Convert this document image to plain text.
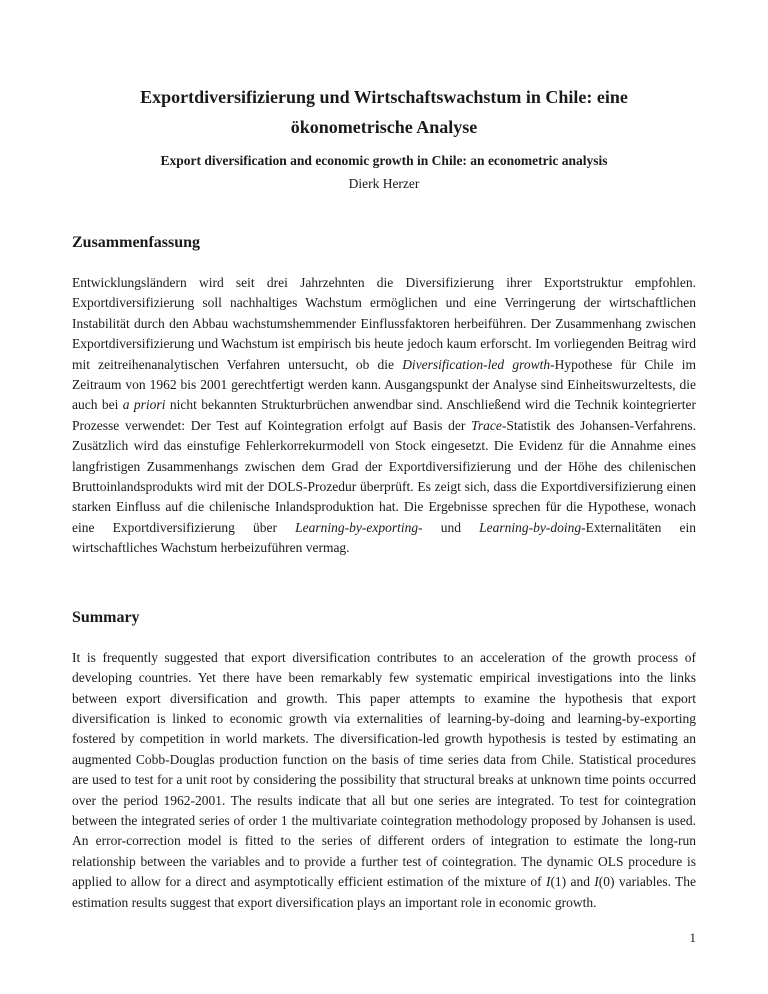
Exportdiversifizierung und Wirtschaftswachstum in Chile: eine
ökonometrische Analyse
Export diversification and economic growth in Chile: an econometric analysis
Dierk Herzer
Zusammenfassung

Entwicklungsländern wird seit drei Jahrzehnten die Diversifizierung ihrer Exportstruktur empfohlen. Exportdiversifizierung soll nachhaltiges Wachstum ermöglichen und eine Verringerung der wirtschaftlichen Instabilität durch den Abbau wachstumshemmender Einflussfaktoren herbeiführen. Der Zusammenhang zwischen Exportdiversifizierung und Wachstum ist empirisch bis heute jedoch kaum erforscht. Im vorliegenden Beitrag wird mit zeitreihenanalytischen Verfahren untersucht, ob die Diversification-led growth-Hypothese für Chile im Zeitraum von 1962 bis 2001 gerechtfertigt werden kann. Ausgangspunkt der Analyse sind Einheitswurzeltests, die auch bei a priori nicht bekannten Strukturbrüchen anwendbar sind. Anschließend wird die Technik kointegrierter Prozesse verwendet: Der Test auf Kointegration erfolgt auf Basis der Trace-Statistik des Johansen-Verfahrens. Zusätzlich wird das einstufige Fehlerkorrekurmodell von Stock eingesetzt. Die Evidenz für die Annahme eines langfristigen Zusammenhangs zwischen dem Grad der Exportdiversifizierung und der Höhe des chilenischen Bruttoinlandsprodukts wird mit der DOLS-Prozedur überprüft. Es zeigt sich, dass die Exportdiversifizierung einen starken Einfluss auf die chilenische Inlandsproduktion hat. Die Ergebnisse sprechen für die Hypothese, wonach eine Exportdiversifizierung über Learning-by-exporting- und Learning-by-doing-Externalitäten ein wirtschaftliches Wachstum herbeizuführen vermag.

Summary

It is frequently suggested that export diversification contributes to an acceleration of the growth process of developing countries. Yet there have been remarkably few systematic empirical investigations into the links between export diversification and growth. This paper attempts to examine the hypothesis that export diversification is linked to economic growth via externalities of learning-by-doing and learning-by-exporting fostered by competition in world markets. The diversification-led growth hypothesis is tested by estimating an augmented Cobb-Douglas production function on the basis of time series data from Chile. Statistical procedures are used to test for a unit root by considering the possibility that structural breaks at unknown time points occurred over the period 1962-2001. The results indicate that all but one series are integrated. To test for cointegration between the integrated series of order 1 the multivariate cointegration methodology proposed by Johansen is used. An error-correction model is fitted to the series of different orders of integration to estimate the long-run relationship between the variables and to provide a further test of cointegration. The dynamic OLS procedure is applied to allow for a direct and asymptotically efficient estimation of the mixture of I(1) and I(0) variables. The estimation results suggest that export diversification plays an important role in economic growth.

1
